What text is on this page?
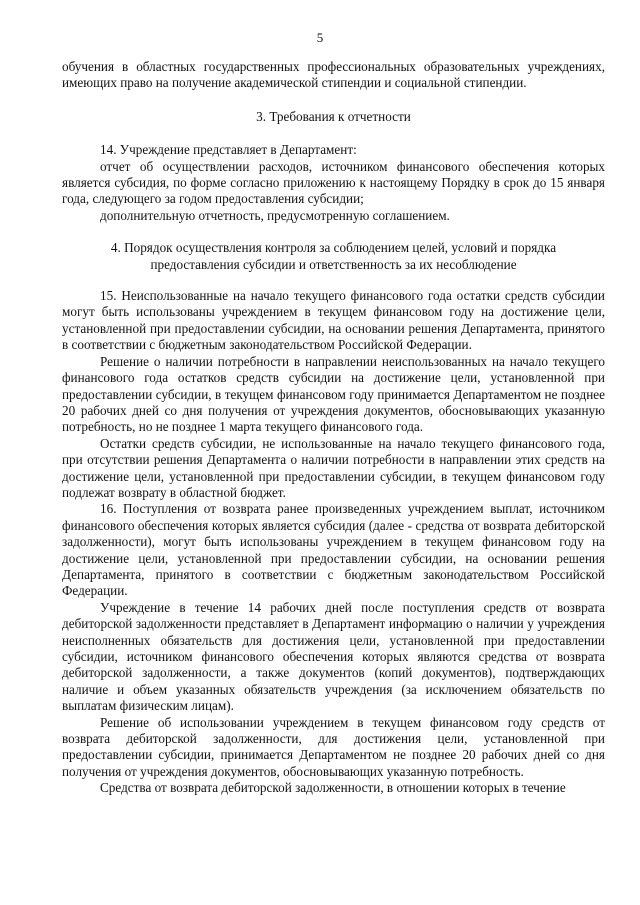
5

обучения в областных государственных профессиональных образовательных учреждениях, имеющих право на получение академической стипендии и социальной стипендии.

3. Требования к отчетности

14. Учреждение представляет в Департамент:

отчет об осуществлении расходов, источником финансового обеспечения которых является субсидия, по форме согласно приложению к настоящему Порядку в срок до 15 января года, следующего за годом предоставления субсидии;

дополнительную отчетность, предусмотренную соглашением.

4. Порядок осуществления контроля за соблюдением целей, условий и порядка предоставления субсидии и ответственность за их несоблюдение

15. Неиспользованные на начало текущего финансового года остатки средств субсидии могут быть использованы учреждением в текущем финансовом году на достижение цели, установленной при предоставлении субсидии, на основании решения Департамента, принятого в соответствии с бюджетным законодательством Российской Федерации.

Решение о наличии потребности в направлении неиспользованных на начало текущего финансового года остатков средств субсидии на достижение цели, установленной при предоставлении субсидии, в текущем финансовом году принимается Департаментом не позднее 20 рабочих дней со дня получения от учреждения документов, обосновывающих указанную потребность, но не позднее 1 марта текущего финансового года.

Остатки средств субсидии, не использованные на начало текущего финансового года, при отсутствии решения Департамента о наличии потребности в направлении этих средств на достижение цели, установленной при предоставлении субсидии, в текущем финансовом году подлежат возврату в областной бюджет.

16. Поступления от возврата ранее произведенных учреждением выплат, источником финансового обеспечения которых является субсидия (далее - средства от возврата дебиторской задолженности), могут быть использованы учреждением в текущем финансовом году на достижение цели, установленной при предоставлении субсидии, на основании решения Департамента, принятого в соответствии с бюджетным законодательством Российской Федерации.

Учреждение в течение 14 рабочих дней после поступления средств от возврата дебиторской задолженности представляет в Департамент информацию о наличии у учреждения неисполненных обязательств для достижения цели, установленной при предоставлении субсидии, источником финансового обеспечения которых являются средства от возврата дебиторской задолженности, а также документов (копий документов), подтверждающих наличие и объем указанных обязательств учреждения (за исключением обязательств по выплатам физическим лицам).

Решение об использовании учреждением в текущем финансовом году средств от возврата дебиторской задолженности, для достижения цели, установленной при предоставлении субсидии, принимается Департаментом не позднее 20 рабочих дней со дня получения от учреждения документов, обосновывающих указанную потребность.

Средства от возврата дебиторской задолженности, в отношении которых в течение
